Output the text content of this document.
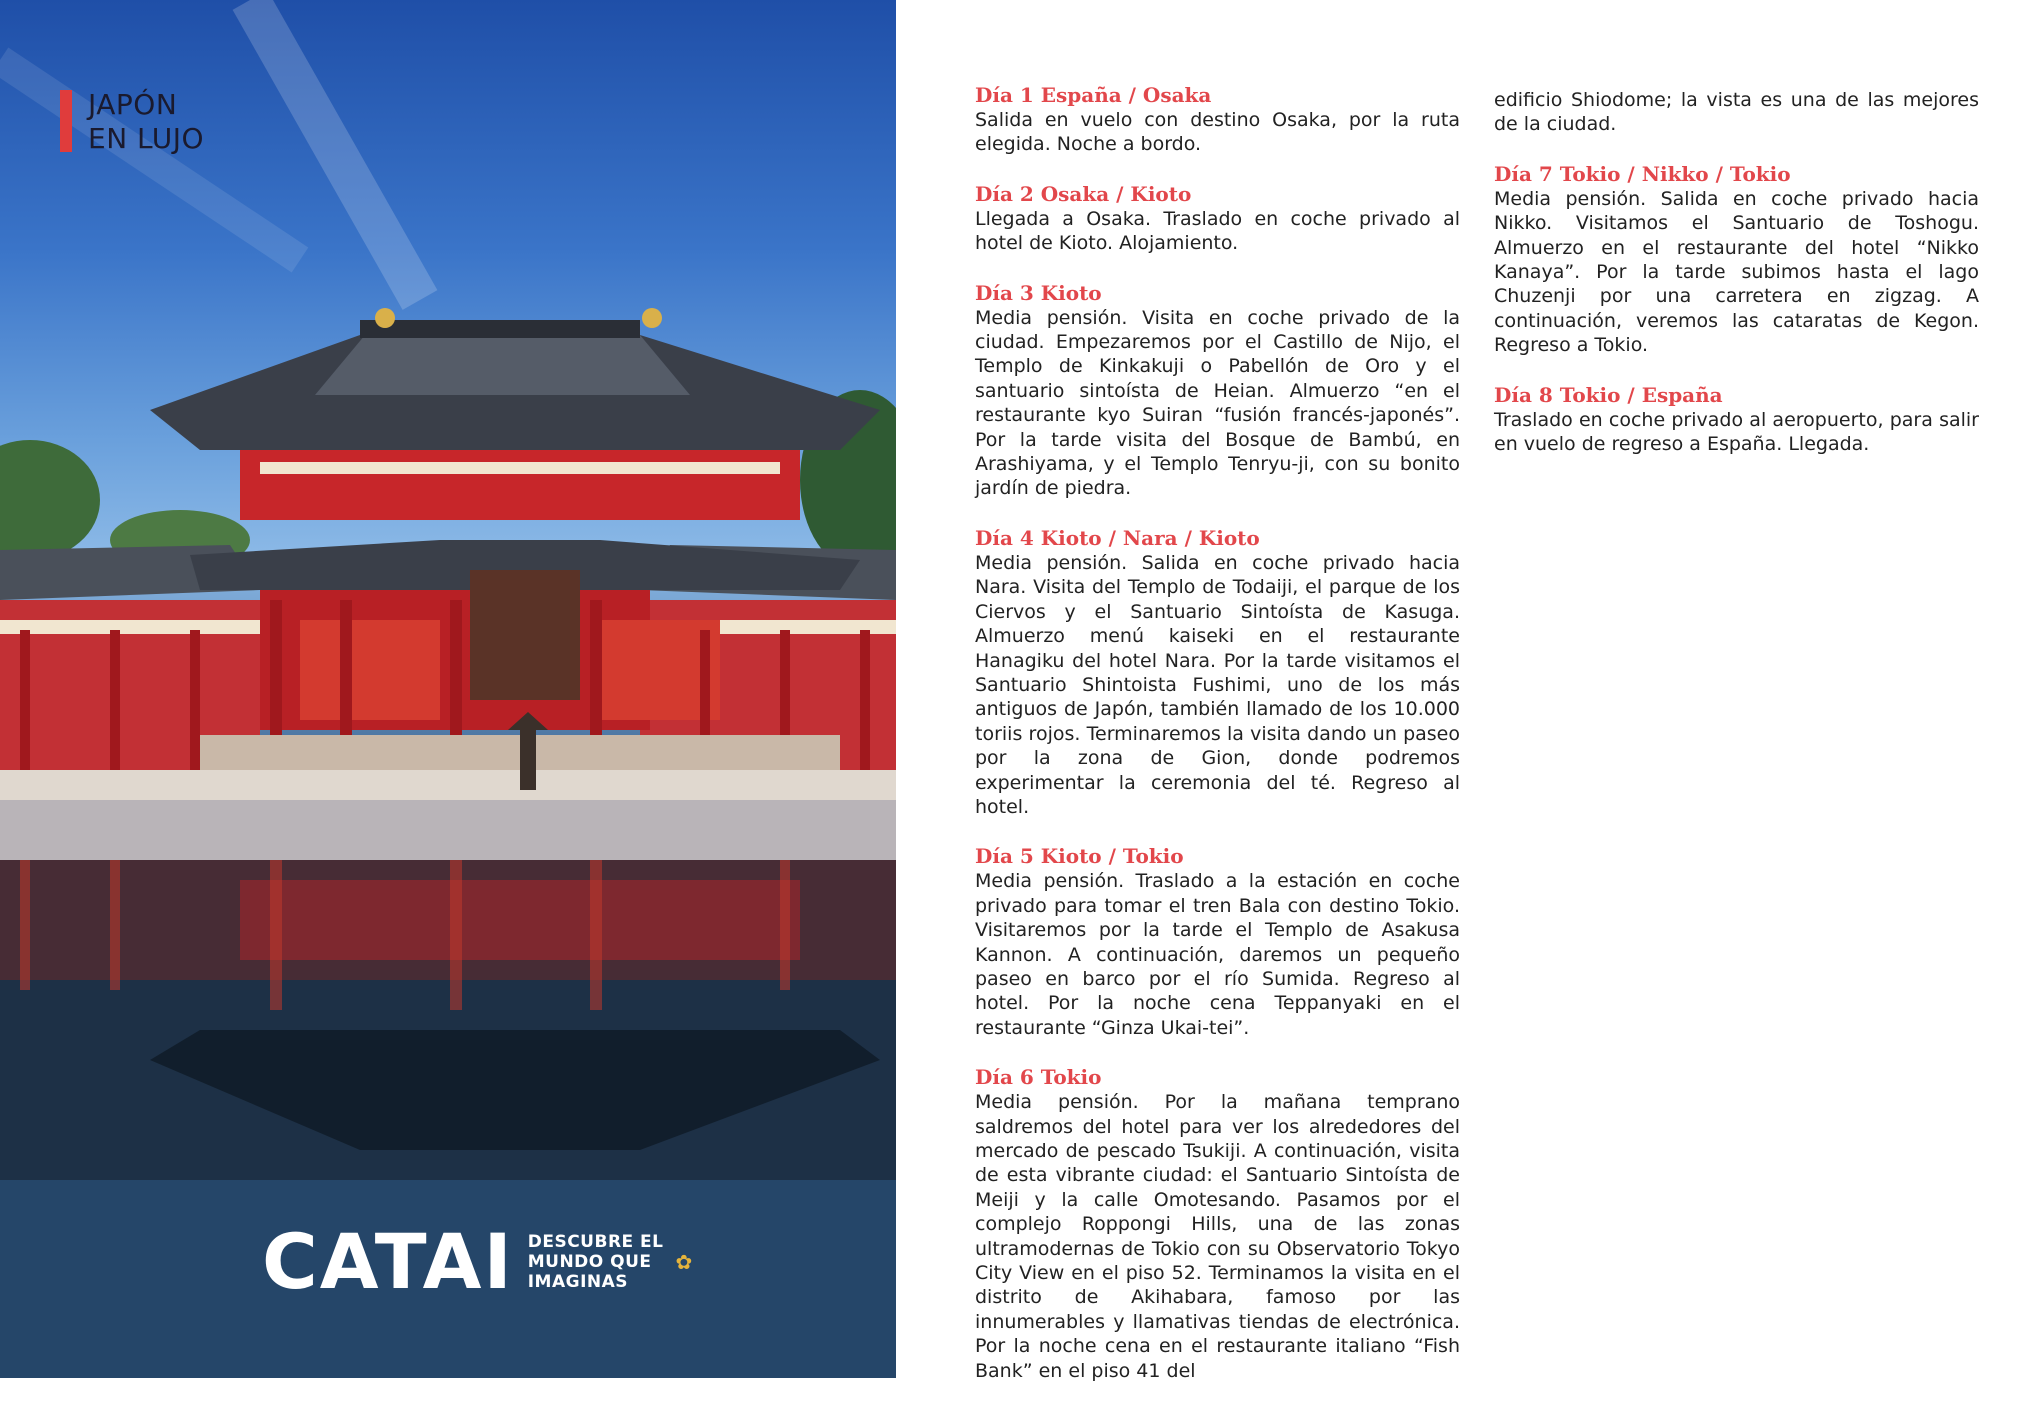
JAPÓN
EN LUJO
CATAI DESCUBRE EL
MUNDO QUE
IMAGINAS
✿

Día 1 España / Osaka

Salida en vuelo con destino Osaka, por la ruta elegida. Noche a bordo.

Día 2 Osaka / Kioto

Llegada a Osaka. Traslado en coche privado al hotel de Kioto. Alojamiento.

Día 3 Kioto

Media pensión. Visita en coche privado de la ciudad. Empezaremos por el Castillo de Nijo, el Templo de Kinkakuji o Pabellón de Oro y el santuario sintoísta de Heian. Almuerzo “en el restaurante kyo Suiran “fusión francés-japonés”. Por la tarde visita del Bosque de Bambú, en Arashiyama, y el Templo Tenryu-ji, con su bonito jardín de piedra.

Día 4 Kioto / Nara / Kioto

Media pensión. Salida en coche privado hacia Nara. Visita del Templo de Todaiji, el parque de los Ciervos y el Santuario Sintoísta de Kasuga. Almuerzo menú kaiseki en el restaurante Hanagiku del hotel Nara. Por la tarde visitamos el Santuario Shintoista Fushimi, uno de los más antiguos de Japón, también llamado de los 10.000 toriis rojos. Terminaremos la visita dando un paseo por la zona de Gion, donde podremos experimentar la ceremonia del té. Regreso al hotel.

Día 5 Kioto / Tokio

Media pensión. Traslado a la estación en coche privado para tomar el tren Bala con destino Tokio. Visitaremos por la tarde el Templo de Asakusa Kannon. A continuación, daremos un pequeño paseo en barco por el río Sumida. Regreso al hotel. Por la noche cena Teppanyaki en el restaurante “Ginza Ukai-tei”.

Día 6 Tokio

Media pensión. Por la mañana temprano saldremos del hotel para ver los alrededores del mercado de pescado Tsukiji. A continuación, visita de esta vibrante ciudad: el Santuario Sintoísta de Meiji y la calle Omotesando. Pasamos por el complejo Roppongi Hills, una de las zonas ultramodernas de Tokio con su Observatorio Tokyo City View en el piso 52. Terminamos la visita en el distrito de Akihabara, famoso por las innumerables y llamativas tiendas de electrónica. Por la noche cena en el restaurante italiano “Fish Bank” en el piso 41 del

edificio Shiodome; la vista es una de las mejores de la ciudad.

Día 7 Tokio / Nikko / Tokio

Media pensión. Salida en coche privado hacia Nikko. Visitamos el Santuario de Toshogu. Almuerzo en el restaurante del hotel “Nikko Kanaya”. Por la tarde subimos hasta el lago Chuzenji por una carretera en zigzag. A continuación, veremos las cataratas de Kegon. Regreso a Tokio.

Día 8 Tokio / España

Traslado en coche privado al aeropuerto, para salir en vuelo de regreso a España. Llegada.
